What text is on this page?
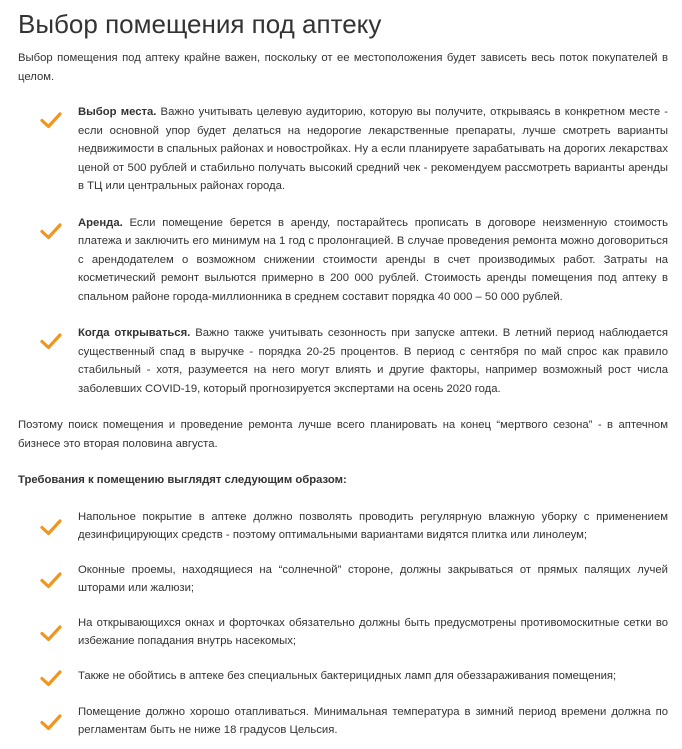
Выбор помещения под аптеку

Выбор помещения под аптеку крайне важен, поскольку от ее местоположения будет зависеть весь поток покупателей в целом.

Выбор места. Важно учитывать целевую аудиторию, которую вы получите, открываясь в конкретном месте - если основной упор будет делаться на недорогие лекарственные препараты, лучше смотреть варианты недвижимости в спальных районах и новостройках. Ну а если планируете зарабатывать на дорогих лекарствах ценой от 500 рублей и стабильно получать высокий средний чек - рекомендуем рассмотреть варианты аренды в ТЦ или центральных районах города.
Аренда. Если помещение берется в аренду, постарайтесь прописать в договоре неизменную стоимость платежа и заключить его минимум на 1 год с пролонгацией. В случае проведения ремонта можно договориться с арендодателем о возможном снижении стоимости аренды в счет производимых работ. Затраты на косметический ремонт выльются примерно в 200 000 рублей. Стоимость аренды помещения под аптеку в спальном районе города-миллионника в среднем составит порядка 40 000 – 50 000 рублей.
Когда открываться. Важно также учитывать сезонность при запуске аптеки. В летний период наблюдается существенный спад в выручке - порядка 20-25 процентов. В период с сентября по май спрос как правило стабильный - хотя, разумеется на него могут влиять и другие факторы, например возможный рост числа заболевших COVID-19, который прогнозируется экспертами на осень 2020 года.

Поэтому поиск помещения и проведение ремонта лучше всего планировать на конец “мертвого сезона” - в аптечном бизнесе это вторая половина августа.

Требования к помещению выглядят следующим образом:

Напольное покрытие в аптеке должно позволять проводить регулярную влажную уборку с применением дезинфицирующих средств - поэтому оптимальными вариантами видятся плитка или линолеум;
Оконные проемы, находящиеся на “солнечной” стороне, должны закрываться от прямых палящих лучей шторами или жалюзи;
На открывающихся окнах и форточках обязательно должны быть предусмотрены противомоскитные сетки во избежание попадания внутрь насекомых;
Также не обойтись в аптеке без специальных бактерицидных ламп для обеззараживания помещения;
Помещение должно хорошо отапливаться. Минимальная температура в зимний период времени должна по регламентам быть не ниже 18 градусов Цельсия.
